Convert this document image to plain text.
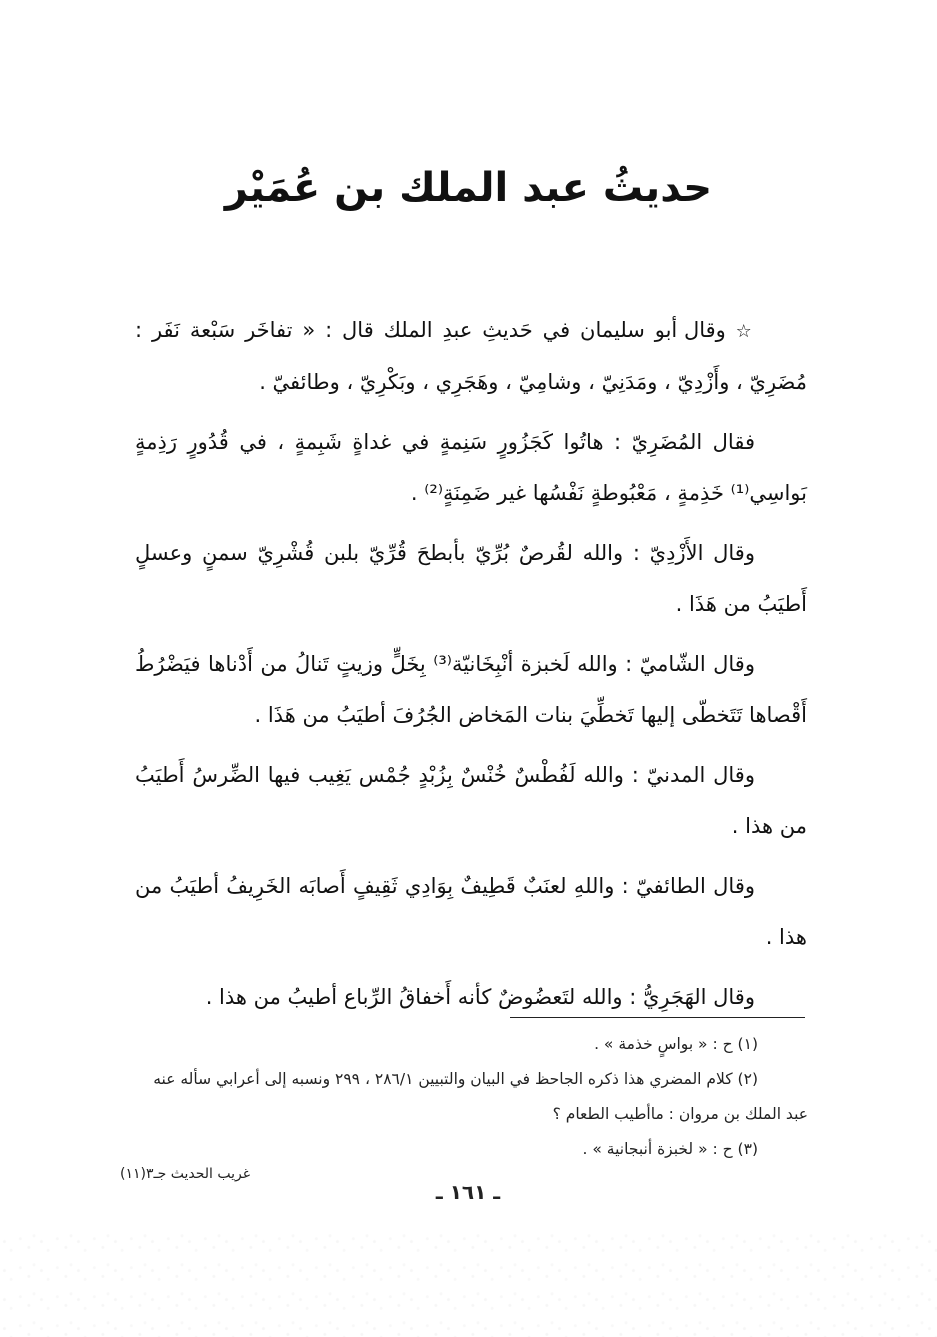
حديثُ عبد الملك بن عُمَيْر

☆ وقال أبو سليمان في حَديثِ عبدِ الملك قال : « تفاخَر سَبْعة نَفَر : مُضَرِيّ ، وأَزْدِيّ ، ومَدَنِيّ ، وشامِيّ ، وهَجَرِي ، وبَكْرِيّ ، وطائفيّ .

فقال المُضَرِيّ : هاتُوا كَجَزُورٍ سَنِمةٍ في غداةٍ شَبِمةٍ ، في قُدُورٍ رَذِمةٍ بَواسِي⁽¹⁾ خَذِمةٍ ، مَعْبُوطةٍ نَفْسُها غير ضَمِنَةٍ⁽²⁾ .

وقال الأَزْدِيّ : والله لقُرصٌ بُرِّيّ بأبطحَ قُرِّيّ بلبن قُشْرِيّ سمنٍ وعسلٍ أَطيَبُ من هَذَا .

وقال الشّاميّ : والله لَخبزة أنْبِخَانيّة⁽³⁾ بِخَلٍّ وزيتٍ تَنالُ من أَدْناها فيَضْرُطُ أَقْصاها تَتَخطّى إليها تَخطِّيَ بنات المَخاض الجُرُفَ أطيَبُ من هَذَا .

وقال المدنيّ : والله لَفُطْسٌ خُنْسٌ بِزُبْدٍ جُمْس يَغِيب فيها الضِّرسُ أَطيَبُ من هذا .

وقال الطائفيّ : واللهِ لعنَبٌ قَطِيفٌ بِوَادِي ثَقِيفٍ أَصابَه الخَرِيفُ أطيَبُ من هذا .

وقال الهَجَرِيُّ : والله لتَعضُوضٌ كأنه أَخفاقُ الرِّباع أطيبُ من هذا .

(١) ح : « بواسٍ خذمة » .

(٢) كلام المضري هذا ذكره الجاحظ في البيان والتبيين ٢٨٦/١ ، ٢٩٩ ونسبه إلى أعرابي سأله عنه عبد الملك بن مروان : ماأطيب الطعام ؟

(٣) ح : « لخبزة أنبجانية » .

غريب الحديث جـ٣(١١)
ـ ١٦١ ـ
